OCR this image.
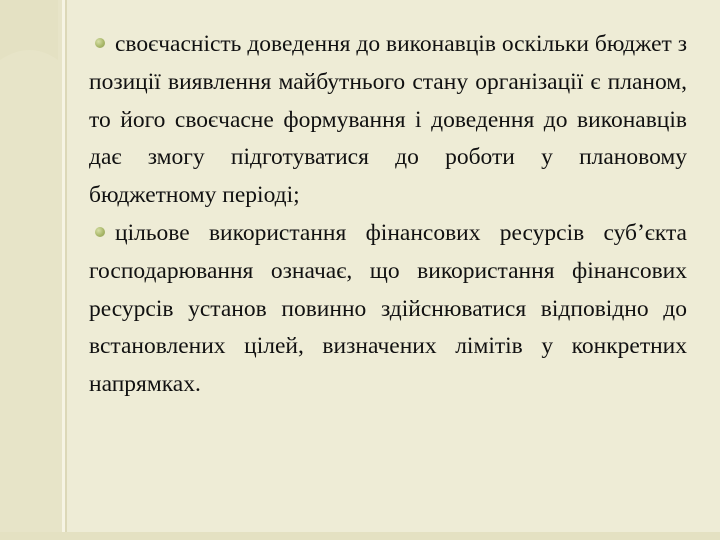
своєчасність доведення до виконавців оскільки бюджет з позиції виявлення майбутнього стану організації є планом, то його своєчасне формування і доведення до виконавців дає змогу підготуватися до роботи у плановому бюджетному періоді;

цільове використання фінансових ресурсів суб’єкта господарювання означає, що використання фінансових ресурсів установ повинно здійснюватися відповідно до встановлених цілей, визначених лімітів у конкретних напрямках.
